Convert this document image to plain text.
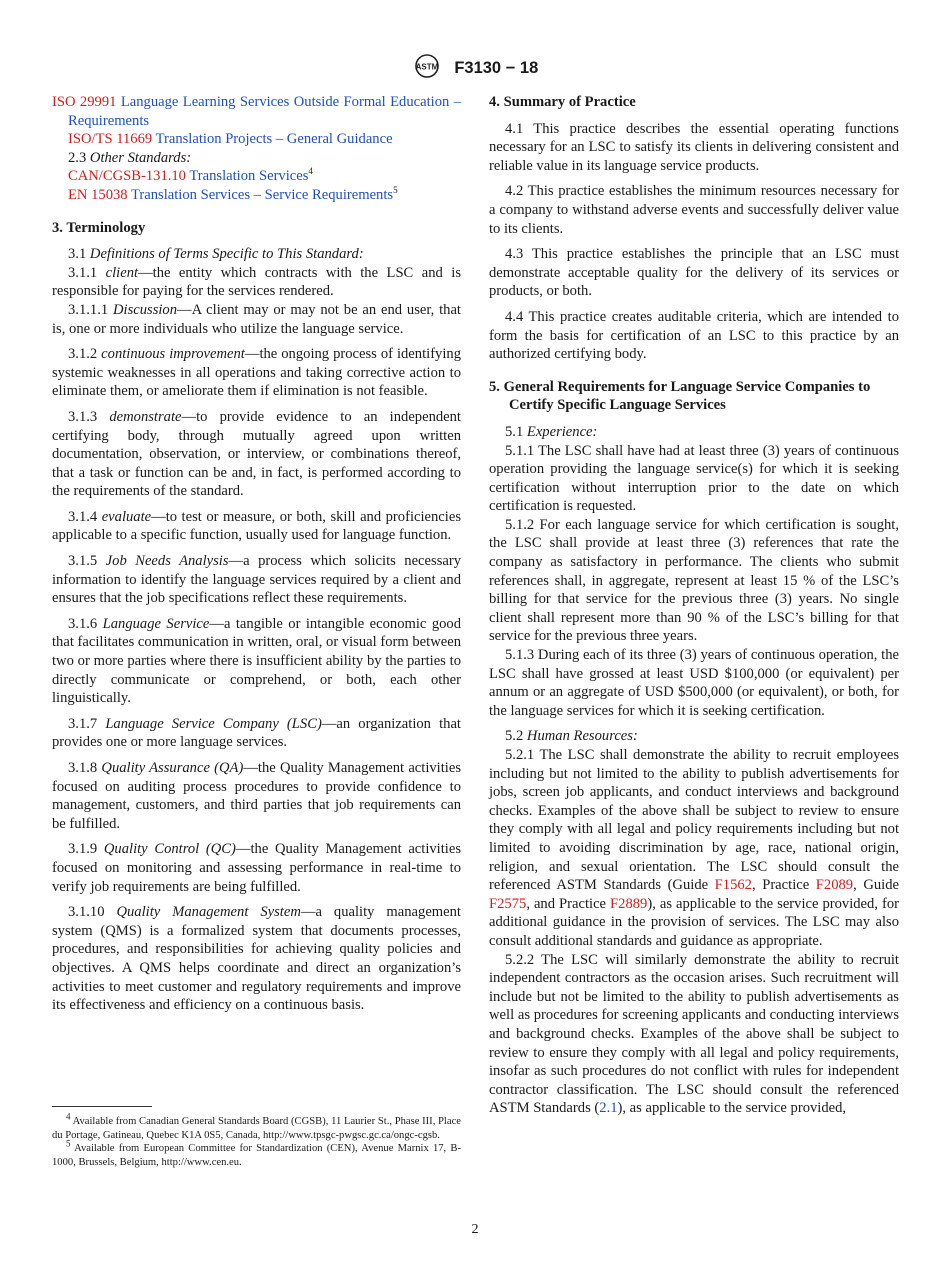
ASTM F3130 − 18

ISO 29991 Language Learning Services Outside Formal Education – Requirements

ISO/TS 11669 Translation Projects – General Guidance

2.3 Other Standards:

CAN/CGSB-131.10 Translation Services$^4$

EN 15038 Translation Services – Service Requirements$^5$

3. Terminology

3.1 Definitions of Terms Specific to This Standard:

3.1.1 client—the entity which contracts with the LSC and is responsible for paying for the services rendered.

3.1.1.1 Discussion—A client may or may not be an end user, that is, one or more individuals who utilize the language service.

3.1.2 continuous improvement—the ongoing process of identifying systemic weaknesses in all operations and taking corrective action to eliminate them, or ameliorate them if elimination is not feasible.

3.1.3 demonstrate—to provide evidence to an independent certifying body, through mutually agreed upon written documentation, observation, or interview, or combinations thereof, that a task or function can be and, in fact, is performed according to the requirements of the standard.

3.1.4 evaluate—to test or measure, or both, skill and proficiencies applicable to a specific function, usually used for language function.

3.1.5 Job Needs Analysis—a process which solicits necessary information to identify the language services required by a client and ensures that the job specifications reflect these requirements.

3.1.6 Language Service—a tangible or intangible economic good that facilitates communication in written, oral, or visual form between two or more parties where there is insufficient ability by the parties to directly communicate or comprehend, or both, each other linguistically.

3.1.7 Language Service Company (LSC)—an organization that provides one or more language services.

3.1.8 Quality Assurance (QA)—the Quality Management activities focused on auditing process procedures to provide confidence to management, customers, and third parties that job requirements can be fulfilled.

3.1.9 Quality Control (QC)—the Quality Management activities focused on monitoring and assessing performance in real-time to verify job requirements are being fulfilled.

3.1.10 Quality Management System—a quality management system (QMS) is a formalized system that documents processes, procedures, and responsibilities for achieving quality policies and objectives. A QMS helps coordinate and direct an organization’s activities to meet customer and regulatory requirements and improve its effectiveness and efficiency on a continuous basis.

4. Summary of Practice

4.1 This practice describes the essential operating functions necessary for an LSC to satisfy its clients in delivering consistent and reliable value in its language service products.

4.2 This practice establishes the minimum resources necessary for a company to withstand adverse events and successfully deliver value to its clients.

4.3 This practice establishes the principle that an LSC must demonstrate acceptable quality for the delivery of its services or products, or both.

4.4 This practice creates auditable criteria, which are intended to form the basis for certification of an LSC to this practice by an authorized certifying body.

5. General Requirements for Language Service Companies to Certify Specific Language Services

5.1 Experience:

5.1.1 The LSC shall have had at least three (3) years of continuous operation providing the language service(s) for which it is seeking certification without interruption prior to the date on which certification is requested.

5.1.2 For each language service for which certification is sought, the LSC shall provide at least three (3) references that rate the company as satisfactory in performance. The clients who submit references shall, in aggregate, represent at least 15 % of the LSC’s billing for that service for the previous three (3) years. No single client shall represent more than 90 % of the LSC’s billing for that service for the previous three years.

5.1.3 During each of its three (3) years of continuous operation, the LSC shall have grossed at least USD $100,000 (or equivalent) per annum or an aggregate of USD $500,000 (or equivalent), or both, for the language services for which it is seeking certification.

5.2 Human Resources:

5.2.1 The LSC shall demonstrate the ability to recruit employees including but not limited to the ability to publish advertisements for jobs, screen job applicants, and conduct interviews and background checks. Examples of the above shall be subject to review to ensure they comply with all legal and policy requirements including but not limited to avoiding discrimination by age, race, national origin, religion, and sexual orientation. The LSC should consult the referenced ASTM Standards (Guide F1562, Practice F2089, Guide F2575, and Practice F2889), as applicable to the service provided, for additional guidance in the provision of services. The LSC may also consult additional standards and guidance as appropriate.

5.2.2 The LSC will similarly demonstrate the ability to recruit independent contractors as the occasion arises. Such recruitment will include but not be limited to the ability to publish advertisements as well as procedures for screening applicants and conducting interviews and background checks. Examples of the above shall be subject to review to ensure they comply with all legal and policy requirements, insofar as such procedures do not conflict with rules for independent contractor classification. The LSC should consult the referenced ASTM Standards (2.1), as applicable to the service provided,

$^4$ Available from Canadian General Standards Board (CGSB), 11 Laurier St., Phase III, Place du Portage, Gatineau, Quebec K1A 0S5, Canada, http://www.tpsgc-pwgsc.gc.ca/ongc-cgsb.

$^5$ Available from European Committee for Standardization (CEN), Avenue Marnix 17, B-1000, Brussels, Belgium, http://www.cen.eu.

2
